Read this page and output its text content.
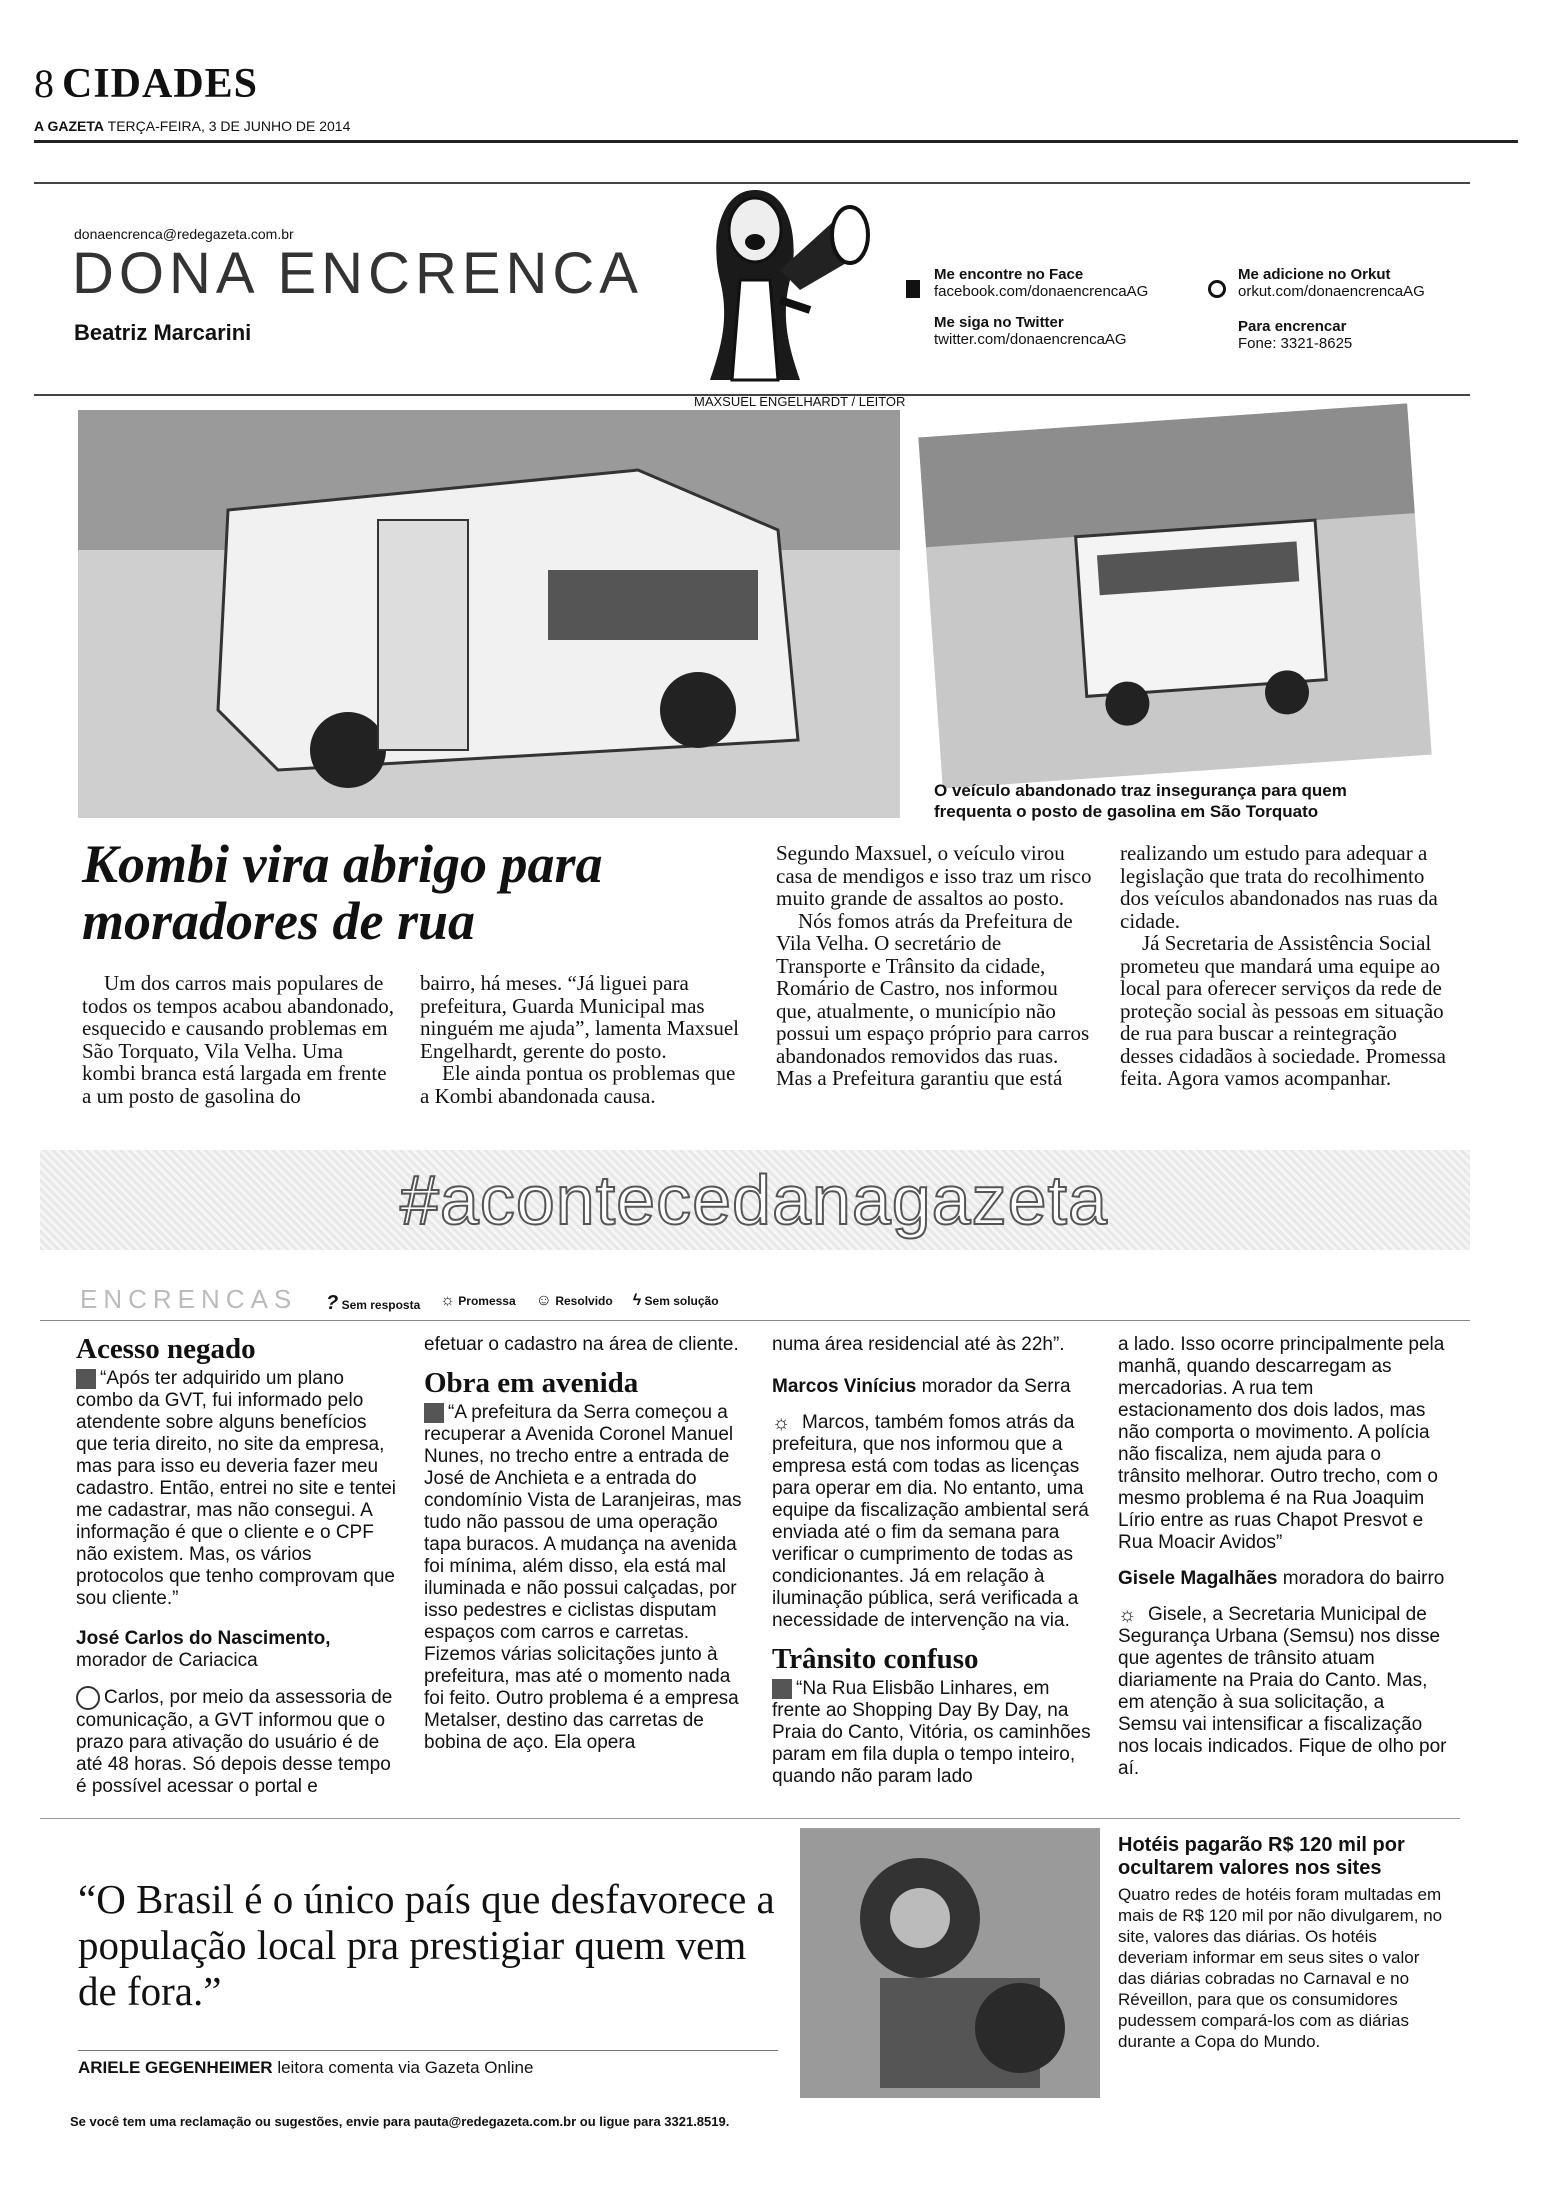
8 CIDADES
A GAZETA TERÇA-FEIRA, 3 DE JUNHO DE 2014
donaencrenca@redegazeta.com.br
DONA ENCRENCA
Beatriz Marcarini
Me encontre no Face
facebook.com/donaencrencaAG
Me siga no Twitter
twitter.com/donaencrencaAG
Me adicione no Orkut
orkut.com/donaencrencaAG
Para encrencar
Fone: 3321-8625
MAXSUEL ENGELHARDT / LEITOR
O veículo abandonado traz insegurança para quem frequenta o posto de gasolina em São Torquato
Kombi vira abrigo para
moradores de rua

Um dos carros mais populares de todos os tempos acabou abandonado, esquecido e causando problemas em São Torquato, Vila Velha. Uma kombi branca está largada em frente a um posto de gasolina do

bairro, há meses. “Já liguei para prefeitura, Guarda Municipal mas ninguém me ajuda”, lamenta Maxsuel Engelhardt, gerente do posto.

Ele ainda pontua os problemas que a Kombi abandonada causa.

Segundo Maxsuel, o veículo virou casa de mendigos e isso traz um risco muito grande de assaltos ao posto.

Nós fomos atrás da Prefeitura de Vila Velha. O secretário de Transporte e Trânsito da cidade, Romário de Castro, nos informou que, atualmente, o município não possui um espaço próprio para carros abandonados removidos das ruas. Mas a Prefeitura garantiu que está

realizando um estudo para adequar a legislação que trata do recolhimento dos veículos abandonados nas ruas da cidade.

Já Secretaria de Assistência Social prometeu que mandará uma equipe ao local para oferecer serviços da rede de proteção social às pessoas em situação de rua para buscar a reintegração desses cidadãos à sociedade. Promessa feita. Agora vamos acompanhar.

#acontecedanagazeta
ENCRENCAS ? Sem resposta ☼ Promessa ☺ Resolvido ϟ Sem solução
Acesso negado

“Após ter adquirido um plano combo da GVT, fui informado pelo atendente sobre alguns benefícios que teria direito, no site da empresa, mas para isso eu deveria fazer meu cadastro. Então, entrei no site e tentei me cadastrar, mas não consegui. A informação é que o cliente e o CPF não existem. Mas, os vários protocolos que tenho comprovam que sou cliente.”

José Carlos do Nascimento,
morador de Cariacica

Carlos, por meio da assessoria de comunicação, a GVT informou que o prazo para ativação do usuário é de até 48 horas. Só depois desse tempo é possível acessar o portal e

efetuar o cadastro na área de cliente.

Obra em avenida

“A prefeitura da Serra começou a recuperar a Avenida Coronel Manuel Nunes, no trecho entre a entrada de José de Anchieta e a entrada do condomínio Vista de Laranjeiras, mas tudo não passou de uma operação tapa buracos. A mudança na avenida foi mínima, além disso, ela está mal iluminada e não possui calçadas, por isso pedestres e ciclistas disputam espaços com carros e carretas. Fizemos várias solicitações junto à prefeitura, mas até o momento nada foi feito. Outro problema é a empresa Metalser, destino das carretas de bobina de aço. Ela opera

numa área residencial até às 22h”.

Marcos Vinícius morador da Serra

☼ Marcos, também fomos atrás da prefeitura, que nos informou que a empresa está com todas as licenças para operar em dia. No entanto, uma equipe da fiscalização ambiental será enviada até o fim da semana para verificar o cumprimento de todas as condicionantes. Já em relação à iluminação pública, será verificada a necessidade de intervenção na via.

Trânsito confuso

“Na Rua Elisbão Linhares, em frente ao Shopping Day By Day, na Praia do Canto, Vitória, os caminhões param em fila dupla o tempo inteiro, quando não param lado

a lado. Isso ocorre principalmente pela manhã, quando descarregam as mercadorias. A rua tem estacionamento dos dois lados, mas não comporta o movimento. A polícia não fiscaliza, nem ajuda para o trânsito melhorar. Outro trecho, com o mesmo problema é na Rua Joaquim Lírio entre as ruas Chapot Presvot e Rua Moacir Avidos”

Gisele Magalhães moradora do bairro

☼ Gisele, a Secretaria Municipal de Segurança Urbana (Semsu) nos disse que agentes de trânsito atuam diariamente na Praia do Canto. Mas, em atenção à sua solicitação, a Semsu vai intensificar a fiscalização nos locais indicados. Fique de olho por aí.

“O Brasil é o único país que desfavorece a população local pra prestigiar quem vem de fora.”
ARIELE GEGENHEIMER leitora comenta via Gazeta Online
Hotéis pagarão R$ 120 mil por ocultarem valores nos sites

Quatro redes de hotéis foram multadas em mais de R$ 120 mil por não divulgarem, no site, valores das diárias. Os hotéis deveriam informar em seus sites o valor das diárias cobradas no Carnaval e no Réveillon, para que os consumidores pudessem compará-los com as diárias durante a Copa do Mundo.

Se você tem uma reclamação ou sugestões, envie para pauta@redegazeta.com.br ou ligue para 3321.8519.
